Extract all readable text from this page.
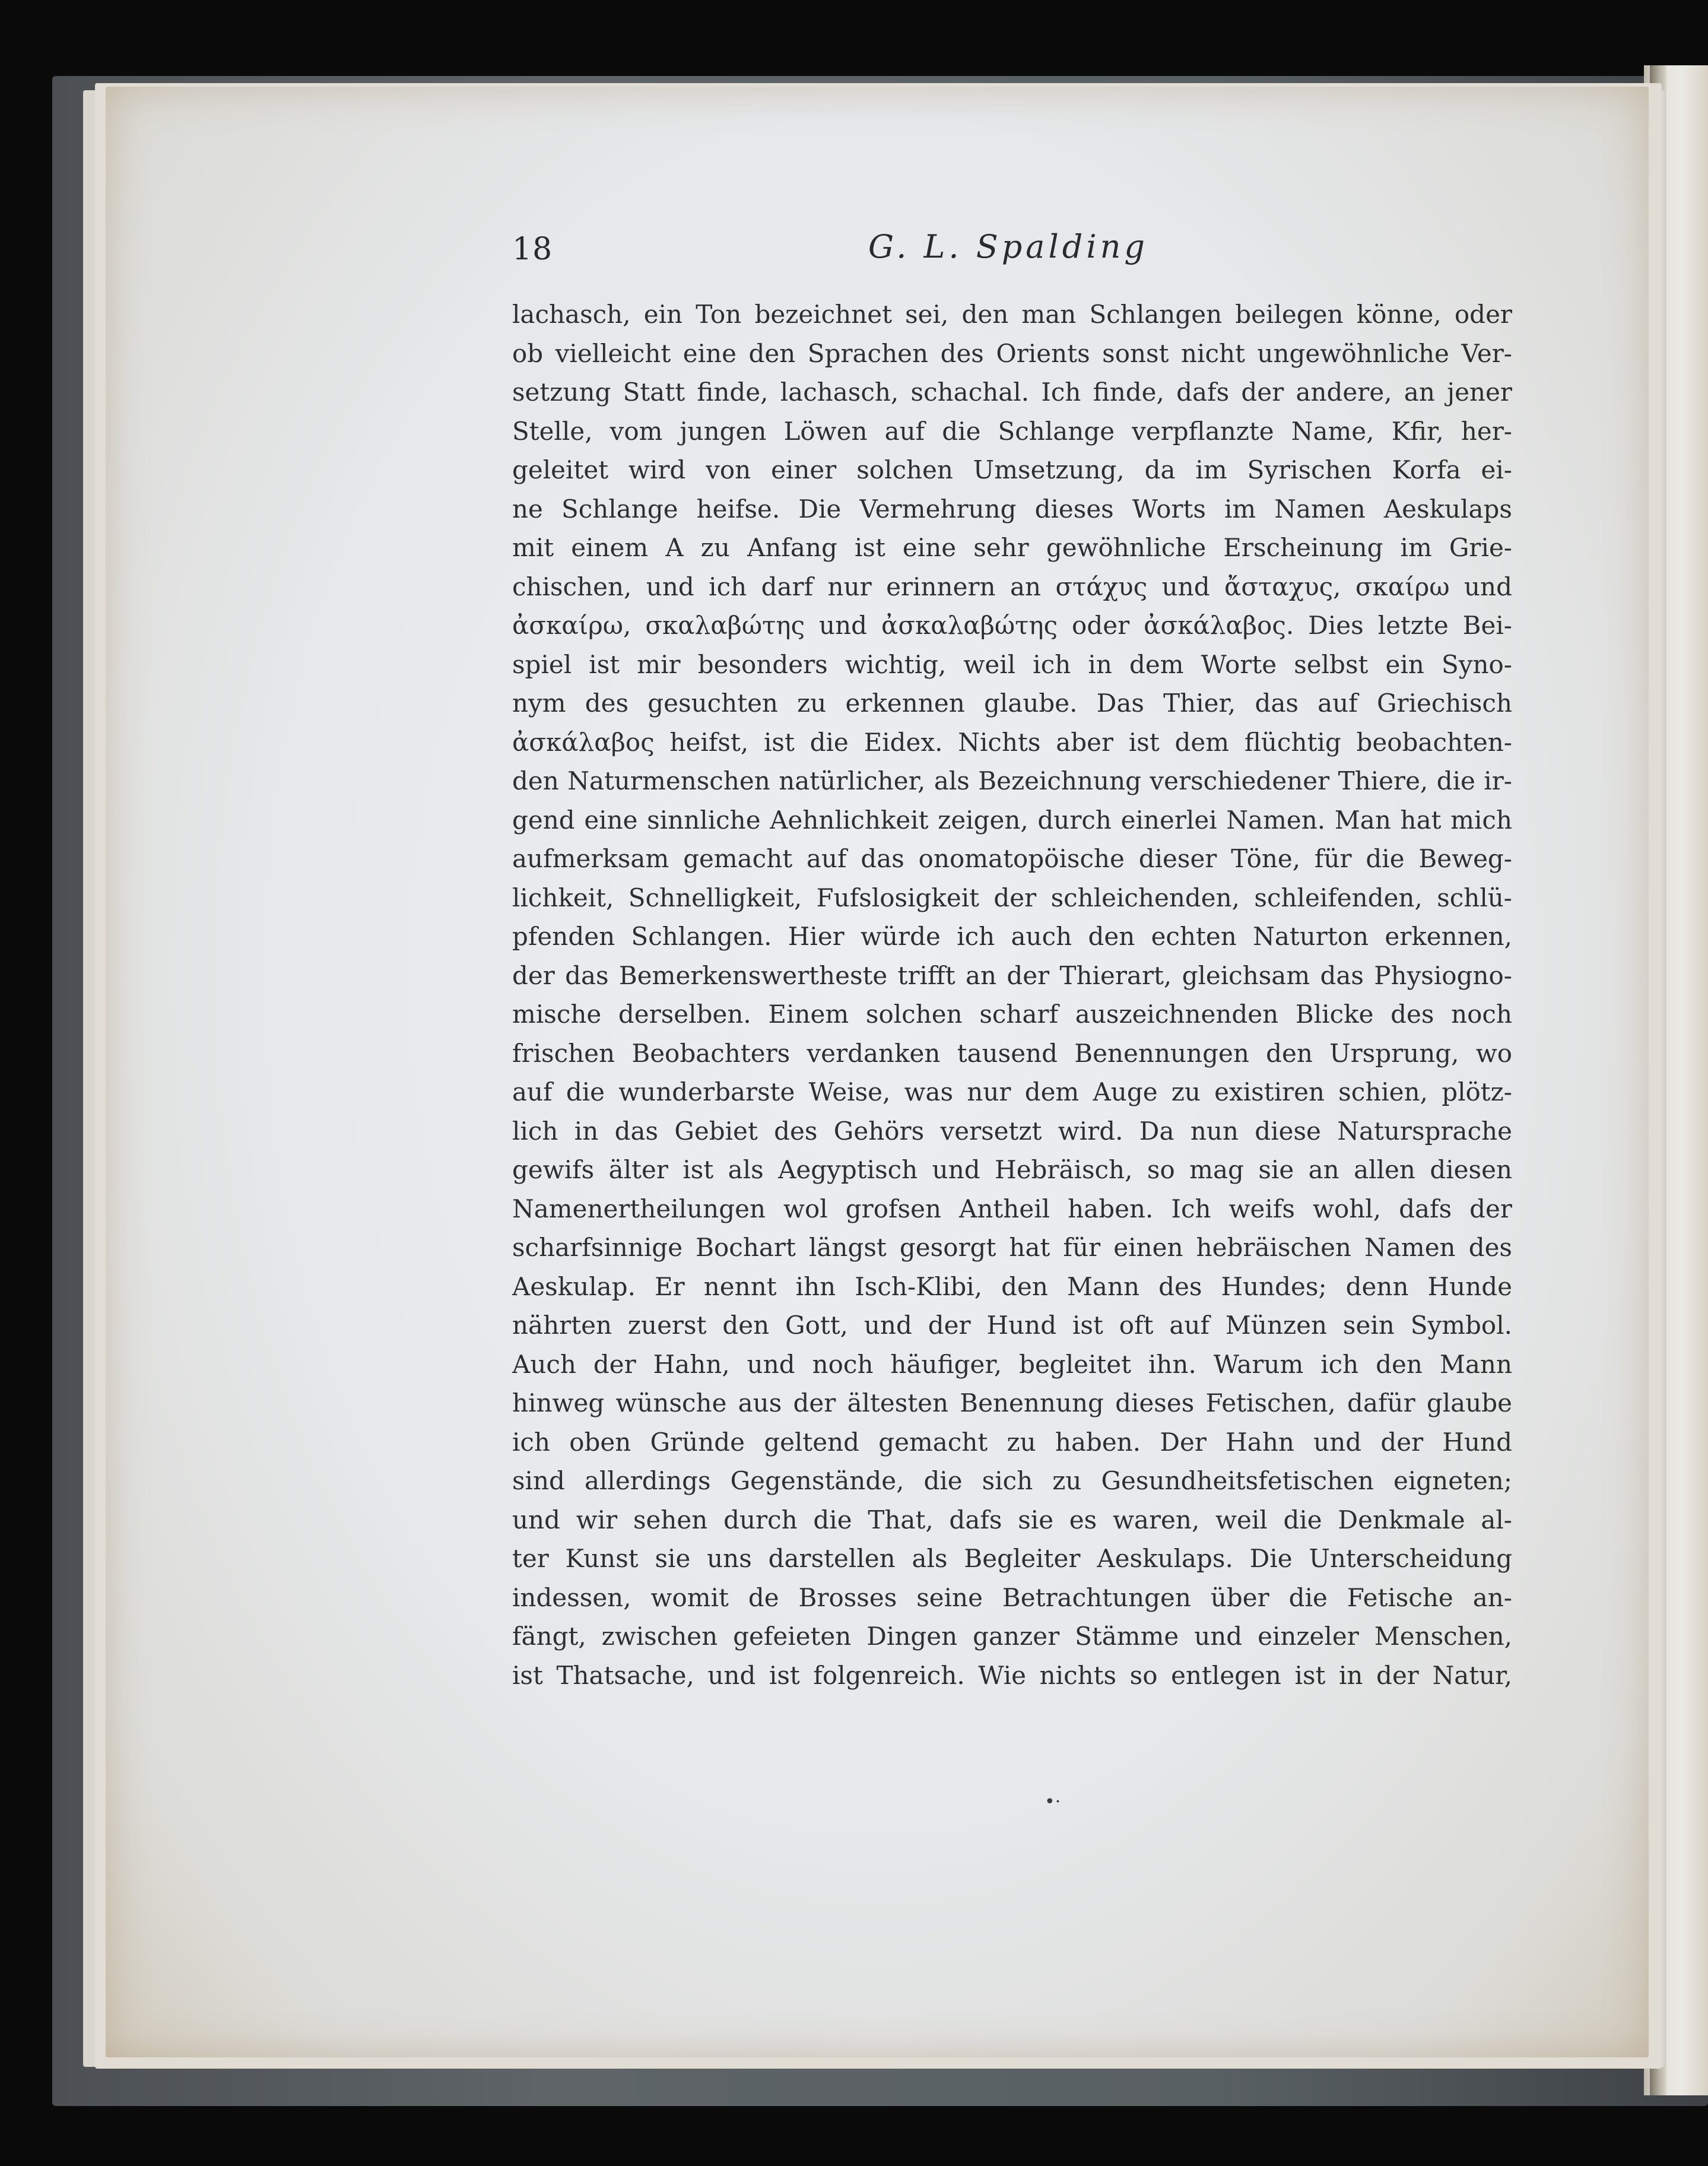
18	G. L. Spalding
lachasch, ein Ton bezeichnet sei, den man Schlangen beilegen könne, oder
ob vielleicht eine den Sprachen des Orients sonst nicht ungewöhnliche Ver-
setzung Statt finde, lachasch, schachal. Ich finde, dafs der andere, an jener
Stelle, vom jungen Löwen auf die Schlange verpflanzte Name, Kfir, her-
geleitet wird von einer solchen Umsetzung, da im Syrischen Korfa ei-
ne Schlange heifse. Die Vermehrung dieses Worts im Namen Aeskulaps
mit einem A zu Anfang ist eine sehr gewöhnliche Erscheinung im Grie-
chischen, und ich darf nur erinnern an στάχυς und ἄσταχυς, σκαίρω und
ἀσκαίρω, σκαλαβώτης und ἀσκαλαβώτης oder ἀσκάλαβος. Dies letzte Bei-
spiel ist mir besonders wichtig, weil ich in dem Worte selbst ein Syno-
nym des gesuchten zu erkennen glaube. Das Thier, das auf Griechisch
ἀσκάλαβος heifst, ist die Eidex. Nichts aber ist dem flüchtig beobachten-
den Naturmenschen natürlicher, als Bezeichnung verschiedener Thiere, die ir-
gend eine sinnliche Aehnlichkeit zeigen, durch einerlei Namen. Man hat mich
aufmerksam gemacht auf das onomatopöische dieser Töne, für die Beweg-
lichkeit, Schnelligkeit, Fufslosigkeit der schleichenden, schleifenden, schlü-
pfenden Schlangen. Hier würde ich auch den echten Naturton erkennen,
der das Bemerkenswertheste trifft an der Thierart, gleichsam das Physiogno-
mische derselben. Einem solchen scharf auszeichnenden Blicke des noch
frischen Beobachters verdanken tausend Benennungen den Ursprung, wo
auf die wunderbarste Weise, was nur dem Auge zu existiren schien, plötz-
lich in das Gebiet des Gehörs versetzt wird. Da nun diese Natursprache
gewifs älter ist als Aegyptisch und Hebräisch, so mag sie an allen diesen
Namenertheilungen wol grofsen Antheil haben. Ich weifs wohl, dafs der
scharfsinnige Bochart längst gesorgt hat für einen hebräischen Namen des
Aeskulap. Er nennt ihn Isch-Klibi, den Mann des Hundes; denn Hunde
nährten zuerst den Gott, und der Hund ist oft auf Münzen sein Symbol.
Auch der Hahn, und noch häufiger, begleitet ihn. Warum ich den Mann
hinweg wünsche aus der ältesten Benennung dieses Fetischen, dafür glaube
ich oben Gründe geltend gemacht zu haben. Der Hahn und der Hund
sind allerdings Gegenstände, die sich zu Gesundheitsfetischen eigneten;
und wir sehen durch die That, dafs sie es waren, weil die Denkmale al-
ter Kunst sie uns darstellen als Begleiter Aeskulaps. Die Unterscheidung
indessen, womit de Brosses seine Betrachtungen über die Fetische an-
fängt, zwischen gefeieten Dingen ganzer Stämme und einzeler Menschen,
ist Thatsache, und ist folgenreich. Wie nichts so entlegen ist in der Natur,
•·
